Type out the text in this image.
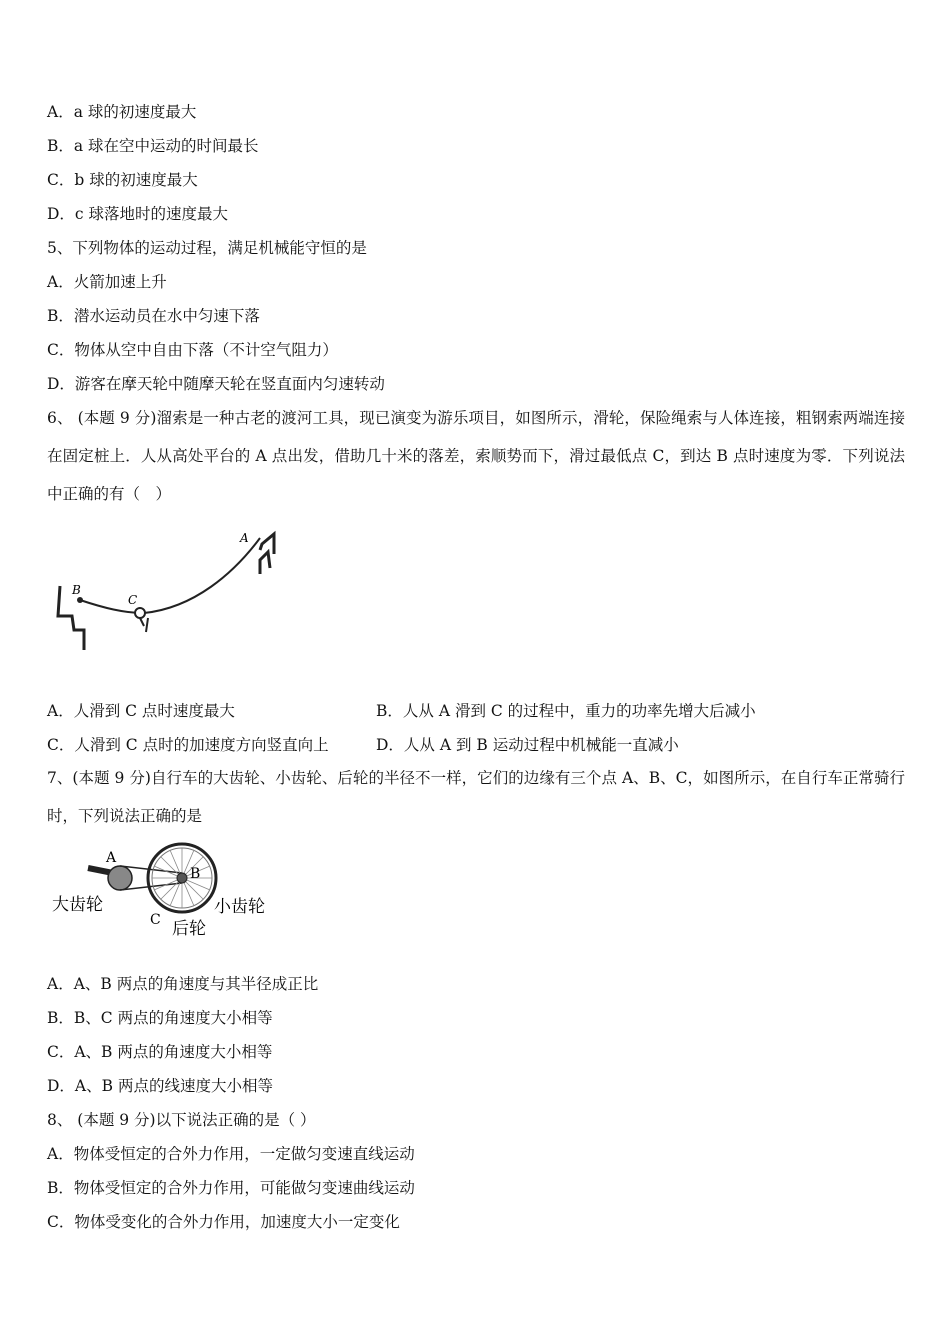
A．a 球的初速度最大
B．a 球在空中运动的时间最长
C．b 球的初速度最大
D．c 球落地时的速度最大
5、下列物体的运动过程，满足机械能守恒的是
A．火箭加速上升
B．潜水运动员在水中匀速下落
C．物体从空中自由下落（不计空气阻力）
D．游客在摩天轮中随摩天轮在竖直面内匀速转动
6、 (本题 9 分)溜索是一种古老的渡河工具，现已演变为游乐项目，如图所示，滑轮，保险绳索与人体连接，粗钢索两端连接在固定桩上．人从高处平台的 A 点出发，借助几十米的落差，索顺势而下，滑过最低点 C，到达 B 点时速度为零．下列说法中正确的有（　）
B
C
A
A．人滑到 C 点时速度最大	B．人从 A 滑到 C 的过程中，重力的功率先增大后减小
C．人滑到 C 点时的加速度方向竖直向上	D．人从 A 到 B 运动过程中机械能一直减小
7、(本题 9 分)自行车的大齿轮、小齿轮、后轮的半径不一样，它们的边缘有三个点 A、B、C，如图所示，在自行车正常骑行时，下列说法正确的是
A
B
C
大齿轮	小齿轮
后轮
A．A、B 两点的角速度与其半径成正比
B．B、C 两点的角速度大小相等
C．A、B 两点的角速度大小相等
D．A、B 两点的线速度大小相等
8、 (本题 9 分)以下说法正确的是（ ）
A．物体受恒定的合外力作用，一定做匀变速直线运动
B．物体受恒定的合外力作用，可能做匀变速曲线运动
C．物体受变化的合外力作用，加速度大小一定变化
